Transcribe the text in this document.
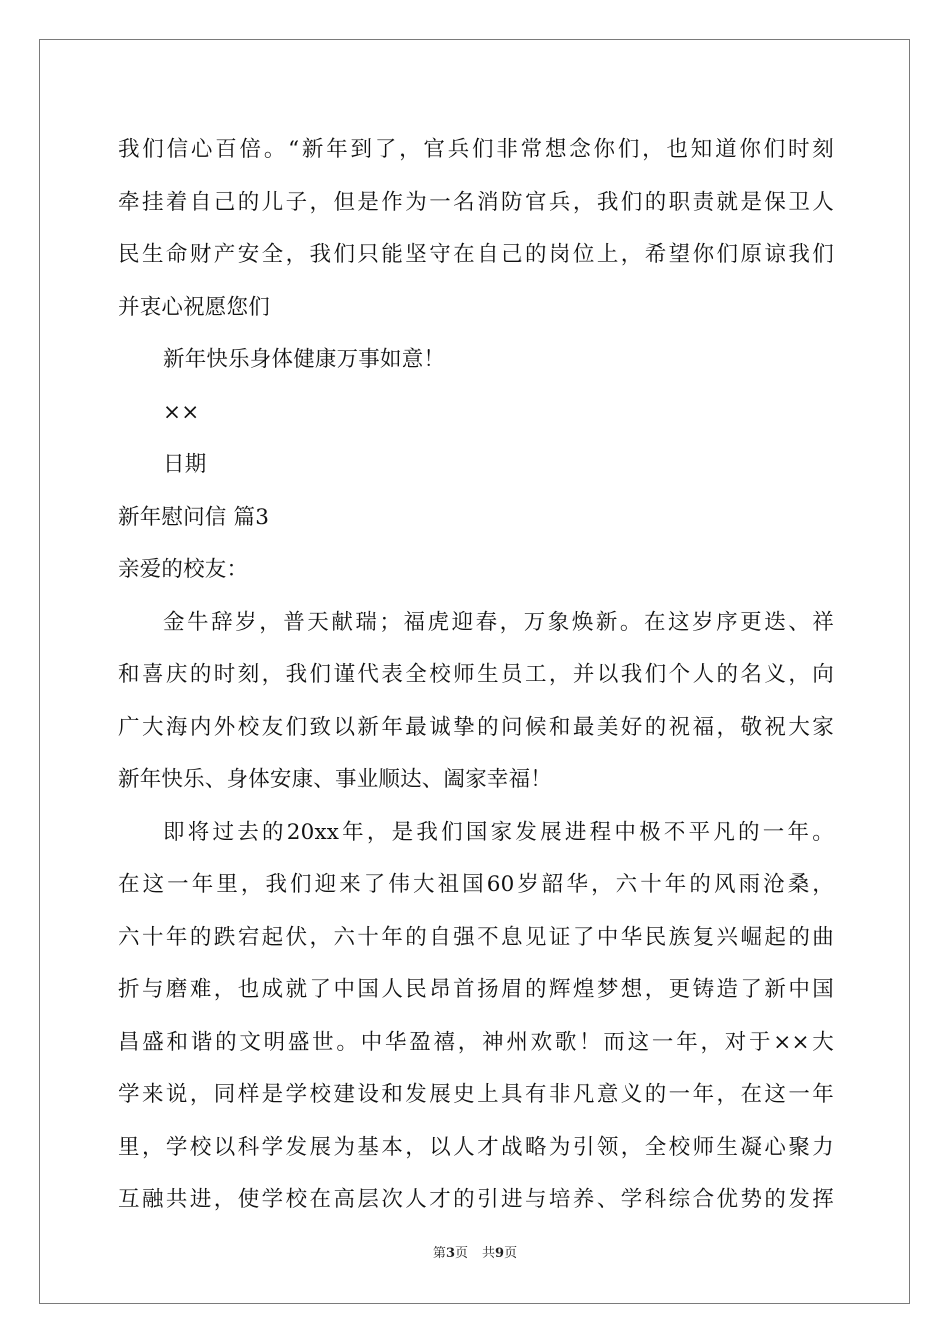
我们信心百倍。“新年到了，官兵们非常想念你们，也知道你们时刻
牵挂着自己的儿子，但是作为一名消防官兵，我们的职责就是保卫人
民生命财产安全，我们只能坚守在自己的岗位上，希望你们原谅我们
并衷心祝愿您们
新年快乐身体健康万事如意！
××
日期
新年慰问信 篇3
亲爱的校友：
金牛辞岁，普天献瑞；福虎迎春，万象焕新。在这岁序更迭、祥
和喜庆的时刻，我们谨代表全校师生员工，并以我们个人的名义，向
广大海内外校友们致以新年最诚挚的问候和最美好的祝福，敬祝大家
新年快乐、身体安康、事业顺达、阖家幸福！
即将过去的20xx年，是我们国家发展进程中极不平凡的一年。
在这一年里，我们迎来了伟大祖国60岁韶华，六十年的风雨沧桑，
六十年的跌宕起伏，六十年的自强不息见证了中华民族复兴崛起的曲
折与磨难，也成就了中国人民昂首扬眉的辉煌梦想，更铸造了新中国
昌盛和谐的文明盛世。中华盈禧，神州欢歌！而这一年，对于××大
学来说，同样是学校建设和发展史上具有非凡意义的一年，在这一年
里，学校以科学发展为基本，以人才战略为引领，全校师生凝心聚力
互融共进，使学校在高层次人才的引进与培养、学科综合优势的发挥
第3页 共9页
